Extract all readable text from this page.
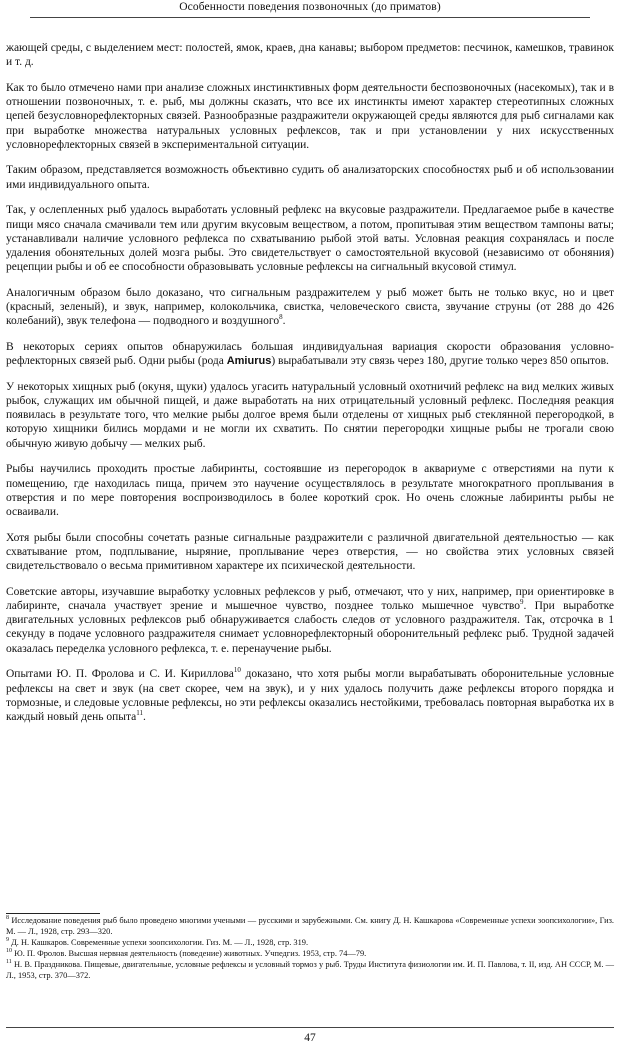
Особенности поведения позвоночных (до приматов)

жающей среды, с выделением мест: полостей, ямок, краев, дна канавы; выбором предметов: песчинок, камешков, травинок и т. д.

Как то было отмечено нами при анализе сложных инстинктивных форм деятельности беспозвоночных (насекомых), так и в отношении позвоночных, т. е. рыб, мы должны сказать, что все их инстинкты имеют характер стереотипных сложных цепей безусловнорефлекторных связей. Разнообразные раздражители окружающей среды являются для рыб сигналами как при выработке множества натуральных условных рефлексов, так и при установлении у них искусственных условнорефлекторных связей в экспериментальной ситуации.

Таким образом, представляется возможность объективно судить об анализаторских способностях рыб и об использовании ими индивидуального опыта.

Так, у ослепленных рыб удалось выработать условный рефлекс на вкусовые раздражители. Предлагаемое рыбе в качестве пищи мясо сначала смачивали тем или другим вкусовым веществом, а потом, пропитывая этим веществом тампоны ваты; устанавливали наличие условного рефлекса по схватыванию рыбой этой ваты. Условная реакция сохранялась и после удаления обонятельных долей мозга рыбы. Это свидетельствует о самостоятельной вкусовой (независимо от обоняния) рецепции рыбы и об ее способности образовывать условные рефлексы на сигнальный вкусовой стимул.

Аналогичным образом было доказано, что сигнальным раздражителем у рыб может быть не только вкус, но и цвет (красный, зеленый), и звук, например, колокольчика, свистка, человеческого свиста, звучание струны (от 288 до 426 колебаний), звук телефона — подводного и воздушного$^8$.

В некоторых сериях опытов обнаружилась большая индивидуальная вариация скорости образования условно-рефлекторных связей рыб. Одни рыбы (рода Amiurus) вырабатывали эту связь через 180, другие только через 850 опытов.

У некоторых хищных рыб (окуня, щуки) удалось угасить натуральный условный охотничий рефлекс на вид мелких живых рыбок, служащих им обычной пищей, и даже выработать на них отрицательный условный рефлекс. Последняя реакция появилась в результате того, что мелкие рыбы долгое время были отделены от хищных рыб стеклянной перегородкой, в которую хищники бились мордами и не могли их схватить. По снятии перегородки хищные рыбы не трогали свою обычную живую добычу — мелких рыб.

Рыбы научились проходить простые лабиринты, состоявшие из перегородок в аквариуме с отверстиями на пути к помещению, где находилась пища, причем это научение осуществлялось в результате многократного проплывания в отверстия и по мере повторения воспроизводилось в более короткий срок. Но очень сложные лабиринты рыбы не осваивали.

Хотя рыбы были способны сочетать разные сигнальные раздражители с различной двигательной деятельностью — как схватывание ртом, подплывание, ныряние, проплывание через отверстия, — но свойства этих условных связей свидетельствовало о весьма примитивном характере их психической деятельности.

Советские авторы, изучавшие выработку условных рефлексов у рыб, отмечают, что у них, например, при ориентировке в лабиринте, сначала участвует зрение и мышечное чувство, позднее только мышечное чувство$^9$. При выработке двигательных условных рефлексов рыб обнаруживается слабость следов от условного раздражителя. Так, отсрочка в 1 секунду в подаче условного раздражителя снимает условнорефлекторный оборонительный рефлекс рыб. Трудной задачей оказалась переделка условного рефлекса, т. е. перенаучение рыбы.

Опытами Ю. П. Фролова и С. И. Кириллова$^{10}$ доказано, что хотя рыбы могли вырабатывать оборонительные условные рефлексы на свет и звук (на свет скорее, чем на звук), и у них удалось получить даже рефлексы второго порядка и тормозные, и следовые условные рефлексы, но эти рефлексы оказались нестойкими, требовалась повторная выработка их в каждый новый день опыта$^{11}$.

$^8$ Исследование поведения рыб было проведено многими учеными — русскими и зарубежными. См. книгу Д. Н. Кашкарова «Современные успехи зоопсихологии», Гиз. М. — Л., 1928, стр. 293—320.

$^9$ Д. Н. Кашкаров. Современные успехи зоопсихологии. Гиз. М. — Л., 1928, стр. 319.

$^{10}$ Ю. П. Фролов. Высшая нервная деятельность (поведение) животных. Учпедгиз. 1953, стр. 74—79.

$^{11}$ Н. В. Праздникова. Пищевые, двигательные, условные рефлексы и условный тормоз у рыб. Труды Института физиологии им. И. П. Павлова, т. II, изд. АН СССР, М. — Л., 1953, стр. 370—372.

47
